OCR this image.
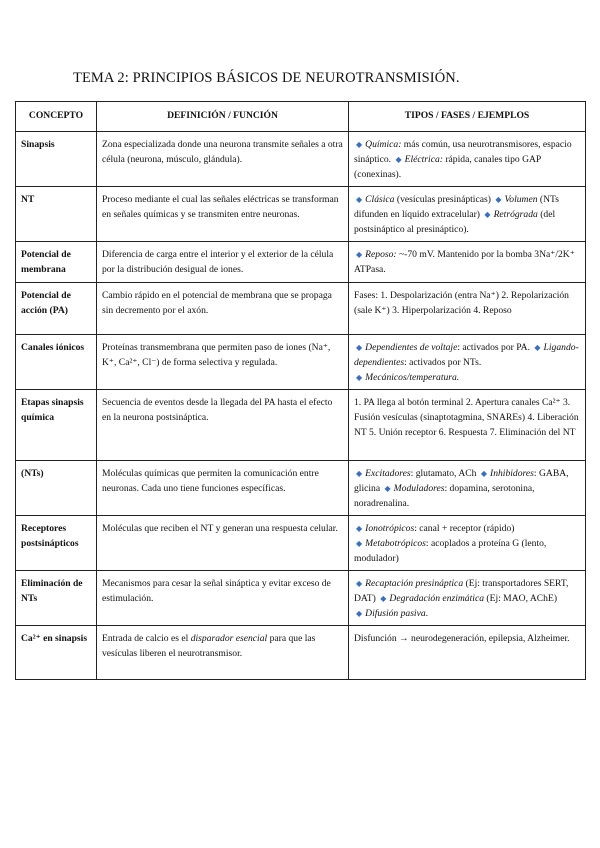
TEMA 2: PRINCIPIOS BÁSICOS DE NEUROTRANSMISIÓN.
CONCEPTO	DEFINICIÓN / FUNCIÓN	TIPOS / FASES / EJEMPLOS
Sinapsis	Zona especializada donde una neurona transmite señales a otra célula (neurona, músculo, glándula).	◆ Química: más común, usa neurotransmisores, espacio sináptico. ◆ Eléctrica: rápida, canales tipo GAP (conexinas).
NT	Proceso mediante el cual las señales eléctricas se transforman en señales químicas y se transmiten entre neuronas.	◆ Clásica (vesículas presinápticas) ◆ Volumen (NTs difunden en líquido extracelular) ◆ Retrógrada (del postsináptico al presináptico).
Potencial de membrana	Diferencia de carga entre el interior y el exterior de la célula por la distribución desigual de iones.	◆ Reposo: ~-70 mV. Mantenido por la bomba 3Na⁺/2K⁺ ATPasa.
Potencial de acción (PA)	Cambio rápido en el potencial de membrana que se propaga sin decremento por el axón.	Fases: 1. Despolarización (entra Na⁺) 2. Repolarización (sale K⁺) 3. Hiperpolarización 4. Reposo
Canales iónicos	Proteínas transmembrana que permiten paso de iones (Na⁺, K⁺, Ca²⁺, Cl⁻) de forma selectiva y regulada.	◆ Dependientes de voltaje: activados por PA. ◆ Ligando-dependientes: activados por NTs. ◆ Mecánicos/temperatura.
Etapas sinapsis química	Secuencia de eventos desde la llegada del PA hasta el efecto en la neurona postsináptica.	1. PA llega al botón terminal 2. Apertura canales Ca²⁺ 3. Fusión vesículas (sinaptotagmina, SNAREs) 4. Liberación NT 5. Unión receptor 6. Respuesta 7. Eliminación del NT
(NTs)	Moléculas químicas que permiten la comunicación entre neuronas. Cada uno tiene funciones específicas.	◆ Excitadores: glutamato, ACh ◆ Inhibidores: GABA, glicina ◆ Moduladores: dopamina, serotonina, noradrenalina.
Receptores postsinápticos	Moléculas que reciben el NT y generan una respuesta celular.	◆ Ionotrópicos: canal + receptor (rápido) ◆ Metabotrópicos: acoplados a proteína G (lento, modulador)
Eliminación de NTs	Mecanismos para cesar la señal sináptica y evitar exceso de estimulación.	◆ Recaptación presináptica (Ej: transportadores SERT, DAT) ◆ Degradación enzimática (Ej: MAO, AChE) ◆ Difusión pasiva.
Ca²⁺ en sinapsis	Entrada de calcio es el disparador esencial para que las vesículas liberen el neurotransmisor.	Disfunción → neurodegeneración, epilepsia, Alzheimer.
